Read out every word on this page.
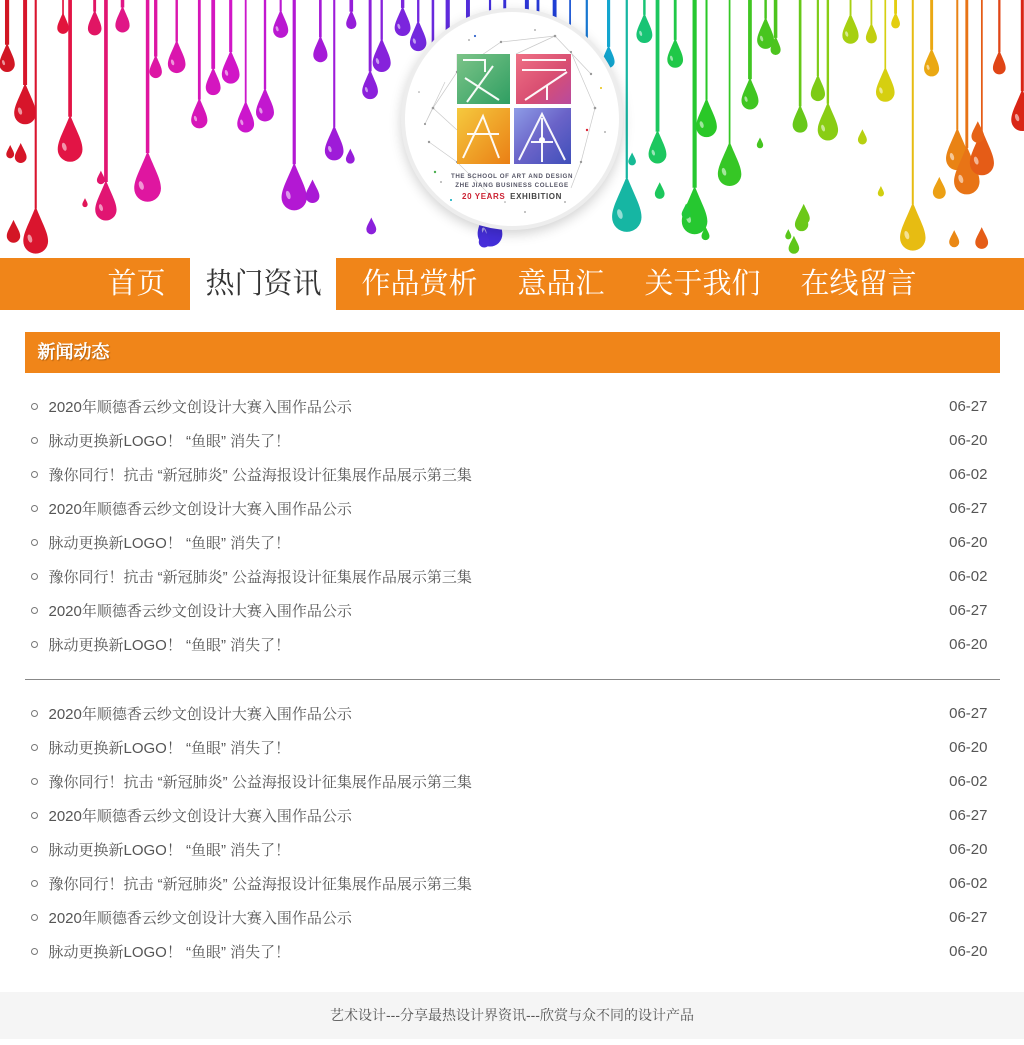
THE SCHOOL OF ART AND DESIGN
ZHE JIANG BUSINESS COLLEGE
20 YEARS EXHIBITION
首页	热门资讯	作品赏析	意品汇	关于我们	在线留言
新闻动态
2020年顺德香云纱文创设计大赛入围作品公示	06-27
脉动更换新LOGO！ “鱼眼” 消失了！	06-20
豫你同行！抗击 “新冠肺炎” 公益海报设计征集展作品展示第三集	06-02
2020年顺德香云纱文创设计大赛入围作品公示	06-27
脉动更换新LOGO！ “鱼眼” 消失了！	06-20
豫你同行！抗击 “新冠肺炎” 公益海报设计征集展作品展示第三集	06-02
2020年顺德香云纱文创设计大赛入围作品公示	06-27
脉动更换新LOGO！ “鱼眼” 消失了！	06-20
2020年顺德香云纱文创设计大赛入围作品公示	06-27
脉动更换新LOGO！ “鱼眼” 消失了！	06-20
豫你同行！抗击 “新冠肺炎” 公益海报设计征集展作品展示第三集	06-02
2020年顺德香云纱文创设计大赛入围作品公示	06-27
脉动更换新LOGO！ “鱼眼” 消失了！	06-20
豫你同行！抗击 “新冠肺炎” 公益海报设计征集展作品展示第三集	06-02
2020年顺德香云纱文创设计大赛入围作品公示	06-27
脉动更换新LOGO！ “鱼眼” 消失了！	06-20
艺术设计---分享最热设计界资讯---欣赏与众不同的设计产品
